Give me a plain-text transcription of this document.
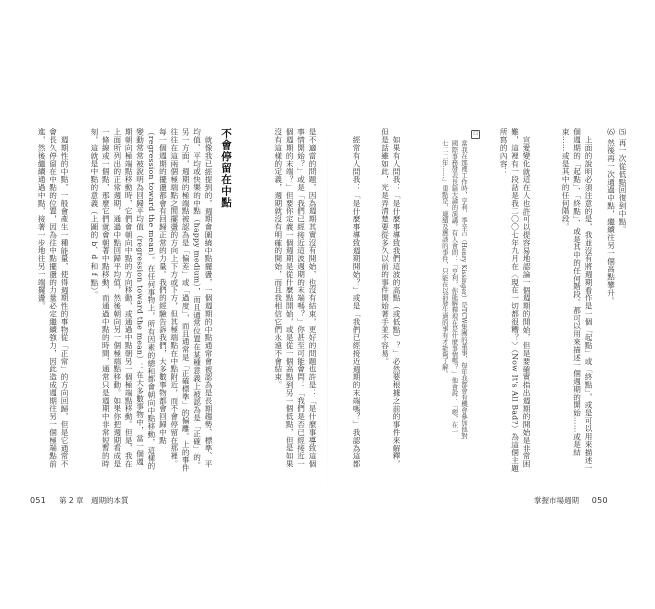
⑸ 再一次從低點回復到中點。

⑹ 然後再一次通過中點，繼續往另一個高點攀升。

上面的說明必須注意的是，我並沒有將週期看作是一個「起點」或「終點」，或是可以用來描述一個週期的「起點」、「終點」、或是其中的任何階段。都可以用來描述一個週期的開始……或是結束……或是其中的任何階段。

宣愛變化就這在人也許可以提容易地認論一個週期的開始，但是要確實指出週期的開始是非常困難，這裡有一段話是我二〇〇七年九月在〈現在一切都很糟？〉（Now It's All Bad?）為這個主題所寫的內容：

口
當我在那裡工作時，亨利．季辛吉（Henry Kissinger）是TCW集團的董事，每年我都會有機會參加他對國際事務發表長篇大論的演講。有人會問：「亨利，你能解釋現在是什麼事情嗎？」他會說：「嗯，在一七二二年……」重點是，連續及應該的事件，只能在以前發生過的事有才能夠了解。

如果有人問我：「是什麼事導致我們這波的高點（或低點）？」必然要根據之前的事件來解釋，但是話雖如此，光是弄清楚要從多久以前的事件開始著手並不容易。

經常有人問我：「是什麼事導致週期開始？」或是「我們已經接近週期的末端嗎？」我認為這都

是不適當的問題，因為週期其實沒有開始，也沒有結束，更好的問題也許是：「是什麼事導致這個事情開始？」或是「我們已經接近這波週期的末端嗎？」你甚至可能會問：「我們是否已經接近一個週期的末端？」但要你定義一個週期是從什麼點開始，或是從一個高點到另一個低點，但是如果沒有這樣的定義，週期就沒有明確的開始，而且我相信它們永遠不會結束。

不會停留在中點

就像我已經提到的，週期會圍繞中點擺盪，一個週期的中點通常會被認為是長期趨勢、標準、平均值、平均或快樂的中點（happy medium），而且通常位置在某種意義上被認為是「正確」的。另一方面，週期的極端點被認為是「偏差」或「過度」，而且通常是「正確標準」的偏離。上的事件往往在這兩個極端點之間擺盪的方向上下方或下方，但其極端點在中點附近，而不會停留在那裡。每一個週期的擺盪都會有回歸正常的力量。我們的經驗告訴我們，大多數事物都會回歸中點（regression toward the mean）。在任何事物上，所有因素的總和都會朝向中點移動，這樣的變動常常被說明為回歸平均值（regression toward the mean）：在大多數事物中，當一個週期朝向極端點移動時，它們會朝向中點的方向移動，或通過中點朝另一個極端點移動。但是，我在上面所列出的正常週期，通過中點回歸平均值，然後朝向另一個極端點移動。如果你把週期看成是一條線或一個點，那麼它們就會朝著中點移動，而通過中點的時間，通常只是週期中非常短暫的時刻，這就是中點的意義（上圖的 b、d 和 f 點）。

週期性的中點，一般會產生一種能量，使得週期性的事物從「正常」的方向回歸，但是它通常不會長久停留在中點的位置，因為往中點擺盪的力量必定繼續強力，因此造成週期往另一個極端點前進，然後繼續通過中點，接著一步地往另一端擺盪。

051 第 2 章　週期的本質	掌握市場週期 050
